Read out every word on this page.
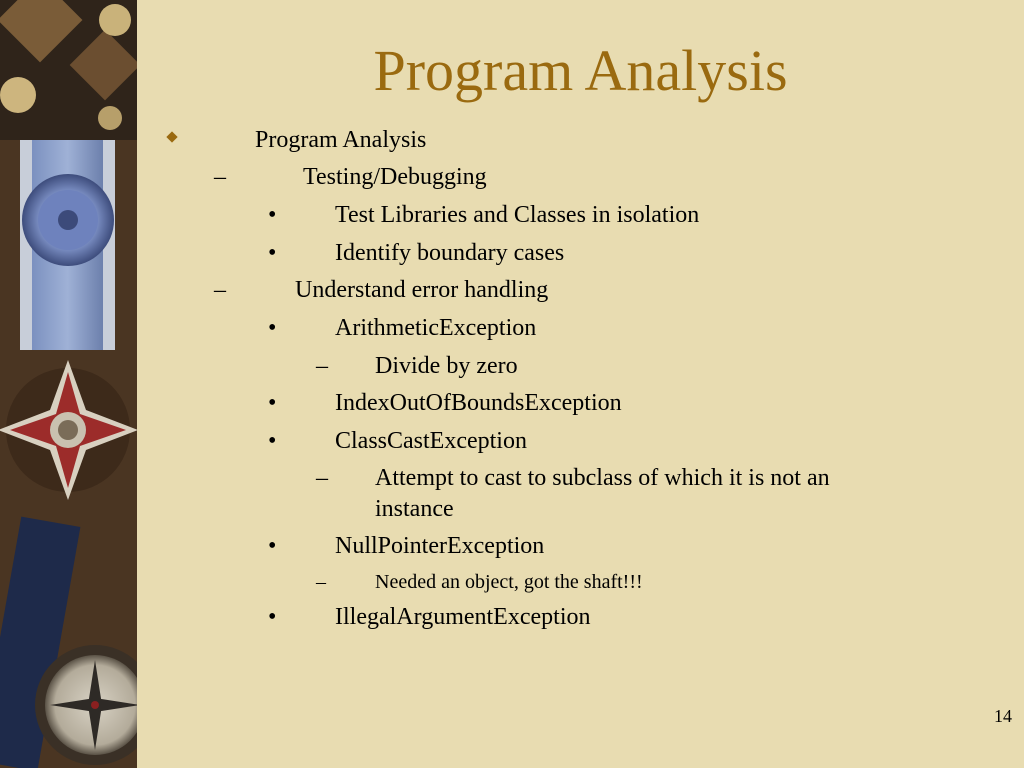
Program Analysis
Program Analysis
–	Testing/Debugging
• Test Libraries and Classes in isolation
• Identify boundary cases
–	Understand error handling
• ArithmeticException
– Divide by zero
• IndexOutOfBoundsException
• ClassCastException
– Attempt to cast to subclass of which it is not an
instance
• NullPointerException
– Needed an object, got the shaft!!!
• IllegalArgumentException
14
